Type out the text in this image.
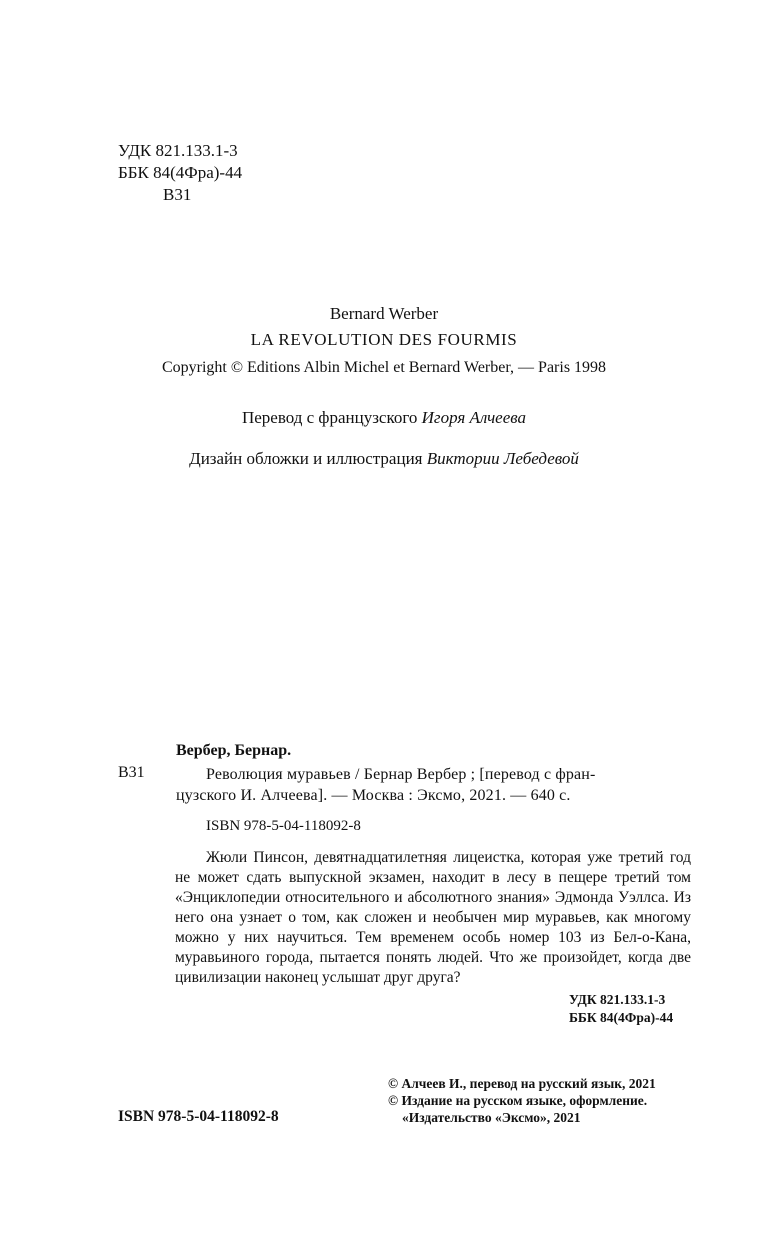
УДК 821.133.1-3
ББК 84(4Фра)-44
В31
Bernard Werber
LA REVOLUTION DES FOURMIS
Copyright © Editions Albin Michel et Bernard Werber, — Paris 1998
Перевод с французского Игоря Алчеева
Дизайн обложки и иллюстрация Виктории Лебедевой
Вербер, Бернар.
В31	Революция муравьев / Бернар Вербер ; [перевод с фран-
цузского И. Алчеева]. — Москва : Эксмо, 2021. — 640 с.
ISBN 978-5-04-118092-8

Жюли Пинсон, девятнадцатилетняя лицеистка, которая уже третий год не может сдать выпускной экзамен, находит в лесу в пещере третий том «Энциклопедии относительного и абсолютного знания» Эдмонда Уэллса. Из него она узнает о том, как сложен и необычен мир муравьев, как многому можно у них научиться. Тем временем особь номер 103 из Бел-о-Кана, муравьиного города, пытается понять людей. Что же произойдет, когда две цивилизации наконец услышат друг друга?

УДК 821.133.1-3
ББК 84(4Фра)-44
ISBN 978-5-04-118092-8
© Алчеев И., перевод на русский язык, 2021
© Издание на русском языке, оформление.
«Издательство «Эксмо», 2021
